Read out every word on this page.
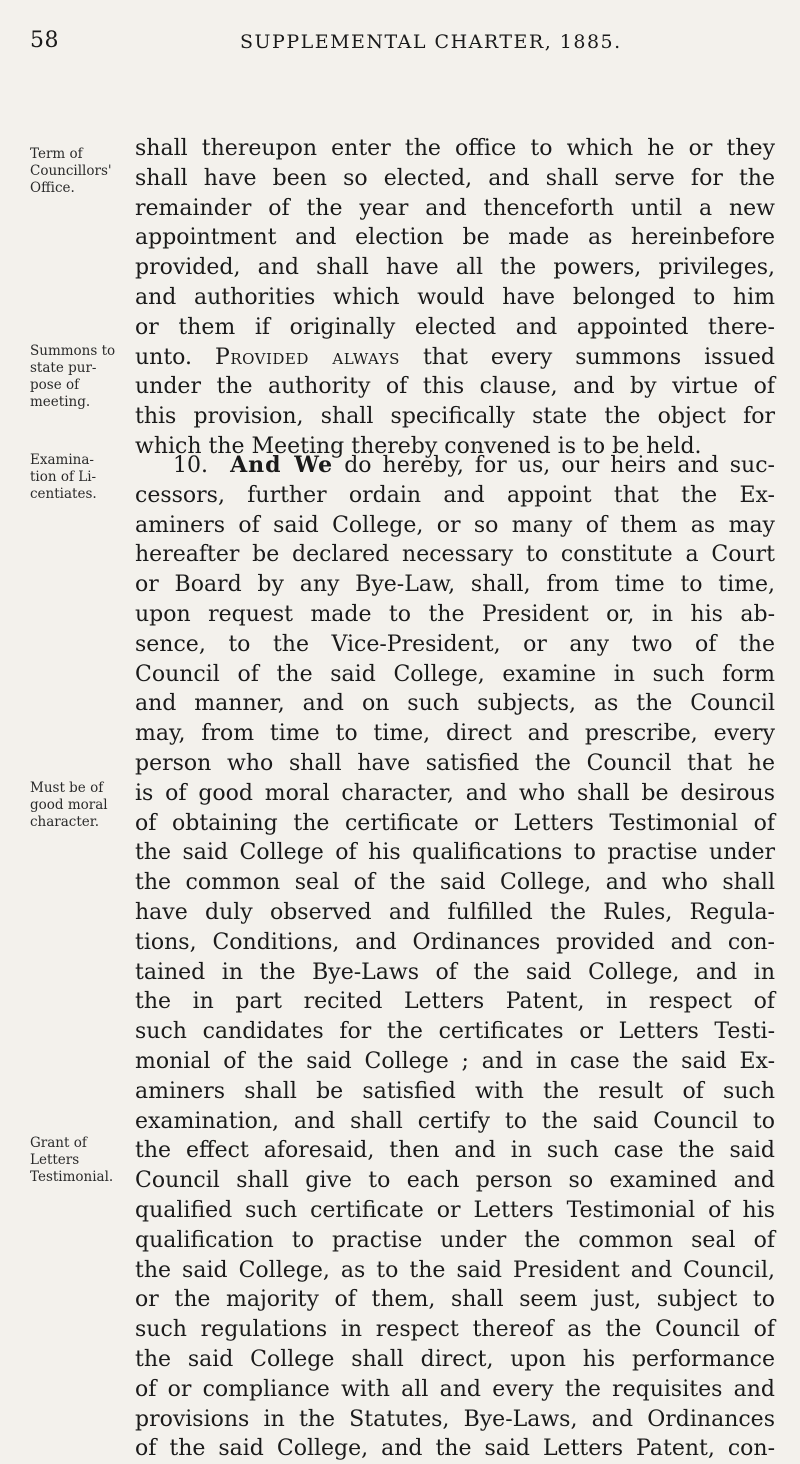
58	SUPPLEMENTAL CHARTER, 1885.
Term of
Councillors'
Office.
Summons to
state pur-
pose of
meeting.
Examina-
tion of Li-
centiates.
Must be of
good moral
character.
Grant of
Letters
Testimonial.
shall thereupon enter the office to which he or they
shall have been so elected, and shall serve for the
remainder of the year and thenceforth until a new
appointment and election be made as hereinbefore
provided, and shall have all the powers, privileges,
and authorities which would have belonged to him
or them if originally elected and appointed there-
unto. Provided always that every summons issued
under the authority of this clause, and by virtue of
this provision, shall specifically state the object for
which the Meeting thereby convened is to be held.
10. And We do hereby, for us, our heirs and suc-
cessors, further ordain and appoint that the Ex-
aminers of said College, or so many of them as may
hereafter be declared necessary to constitute a Court
or Board by any Bye-Law, shall, from time to time,
upon request made to the President or, in his ab-
sence, to the Vice-President, or any two of the
Council of the said College, examine in such form
and manner, and on such subjects, as the Council
may, from time to time, direct and prescribe, every
person who shall have satisfied the Council that he
is of good moral character, and who shall be desirous
of obtaining the certificate or Letters Testimonial of
the said College of his qualifications to practise under
the common seal of the said College, and who shall
have duly observed and fulfilled the Rules, Regula-
tions, Conditions, and Ordinances provided and con-
tained in the Bye-Laws of the said College, and in
the in part recited Letters Patent, in respect of
such candidates for the certificates or Letters Testi-
monial of the said College ; and in case the said Ex-
aminers shall be satisfied with the result of such
examination, and shall certify to the said Council to
the effect aforesaid, then and in such case the said
Council shall give to each person so examined and
qualified such certificate or Letters Testimonial of his
qualification to practise under the common seal of
the said College, as to the said President and Council,
or the majority of them, shall seem just, subject to
such regulations in respect thereof as the Council of
the said College shall direct, upon his performance
of or compliance with all and every the requisites and
provisions in the Statutes, Bye-Laws, and Ordinances
of the said College, and the said Letters Patent, con-
